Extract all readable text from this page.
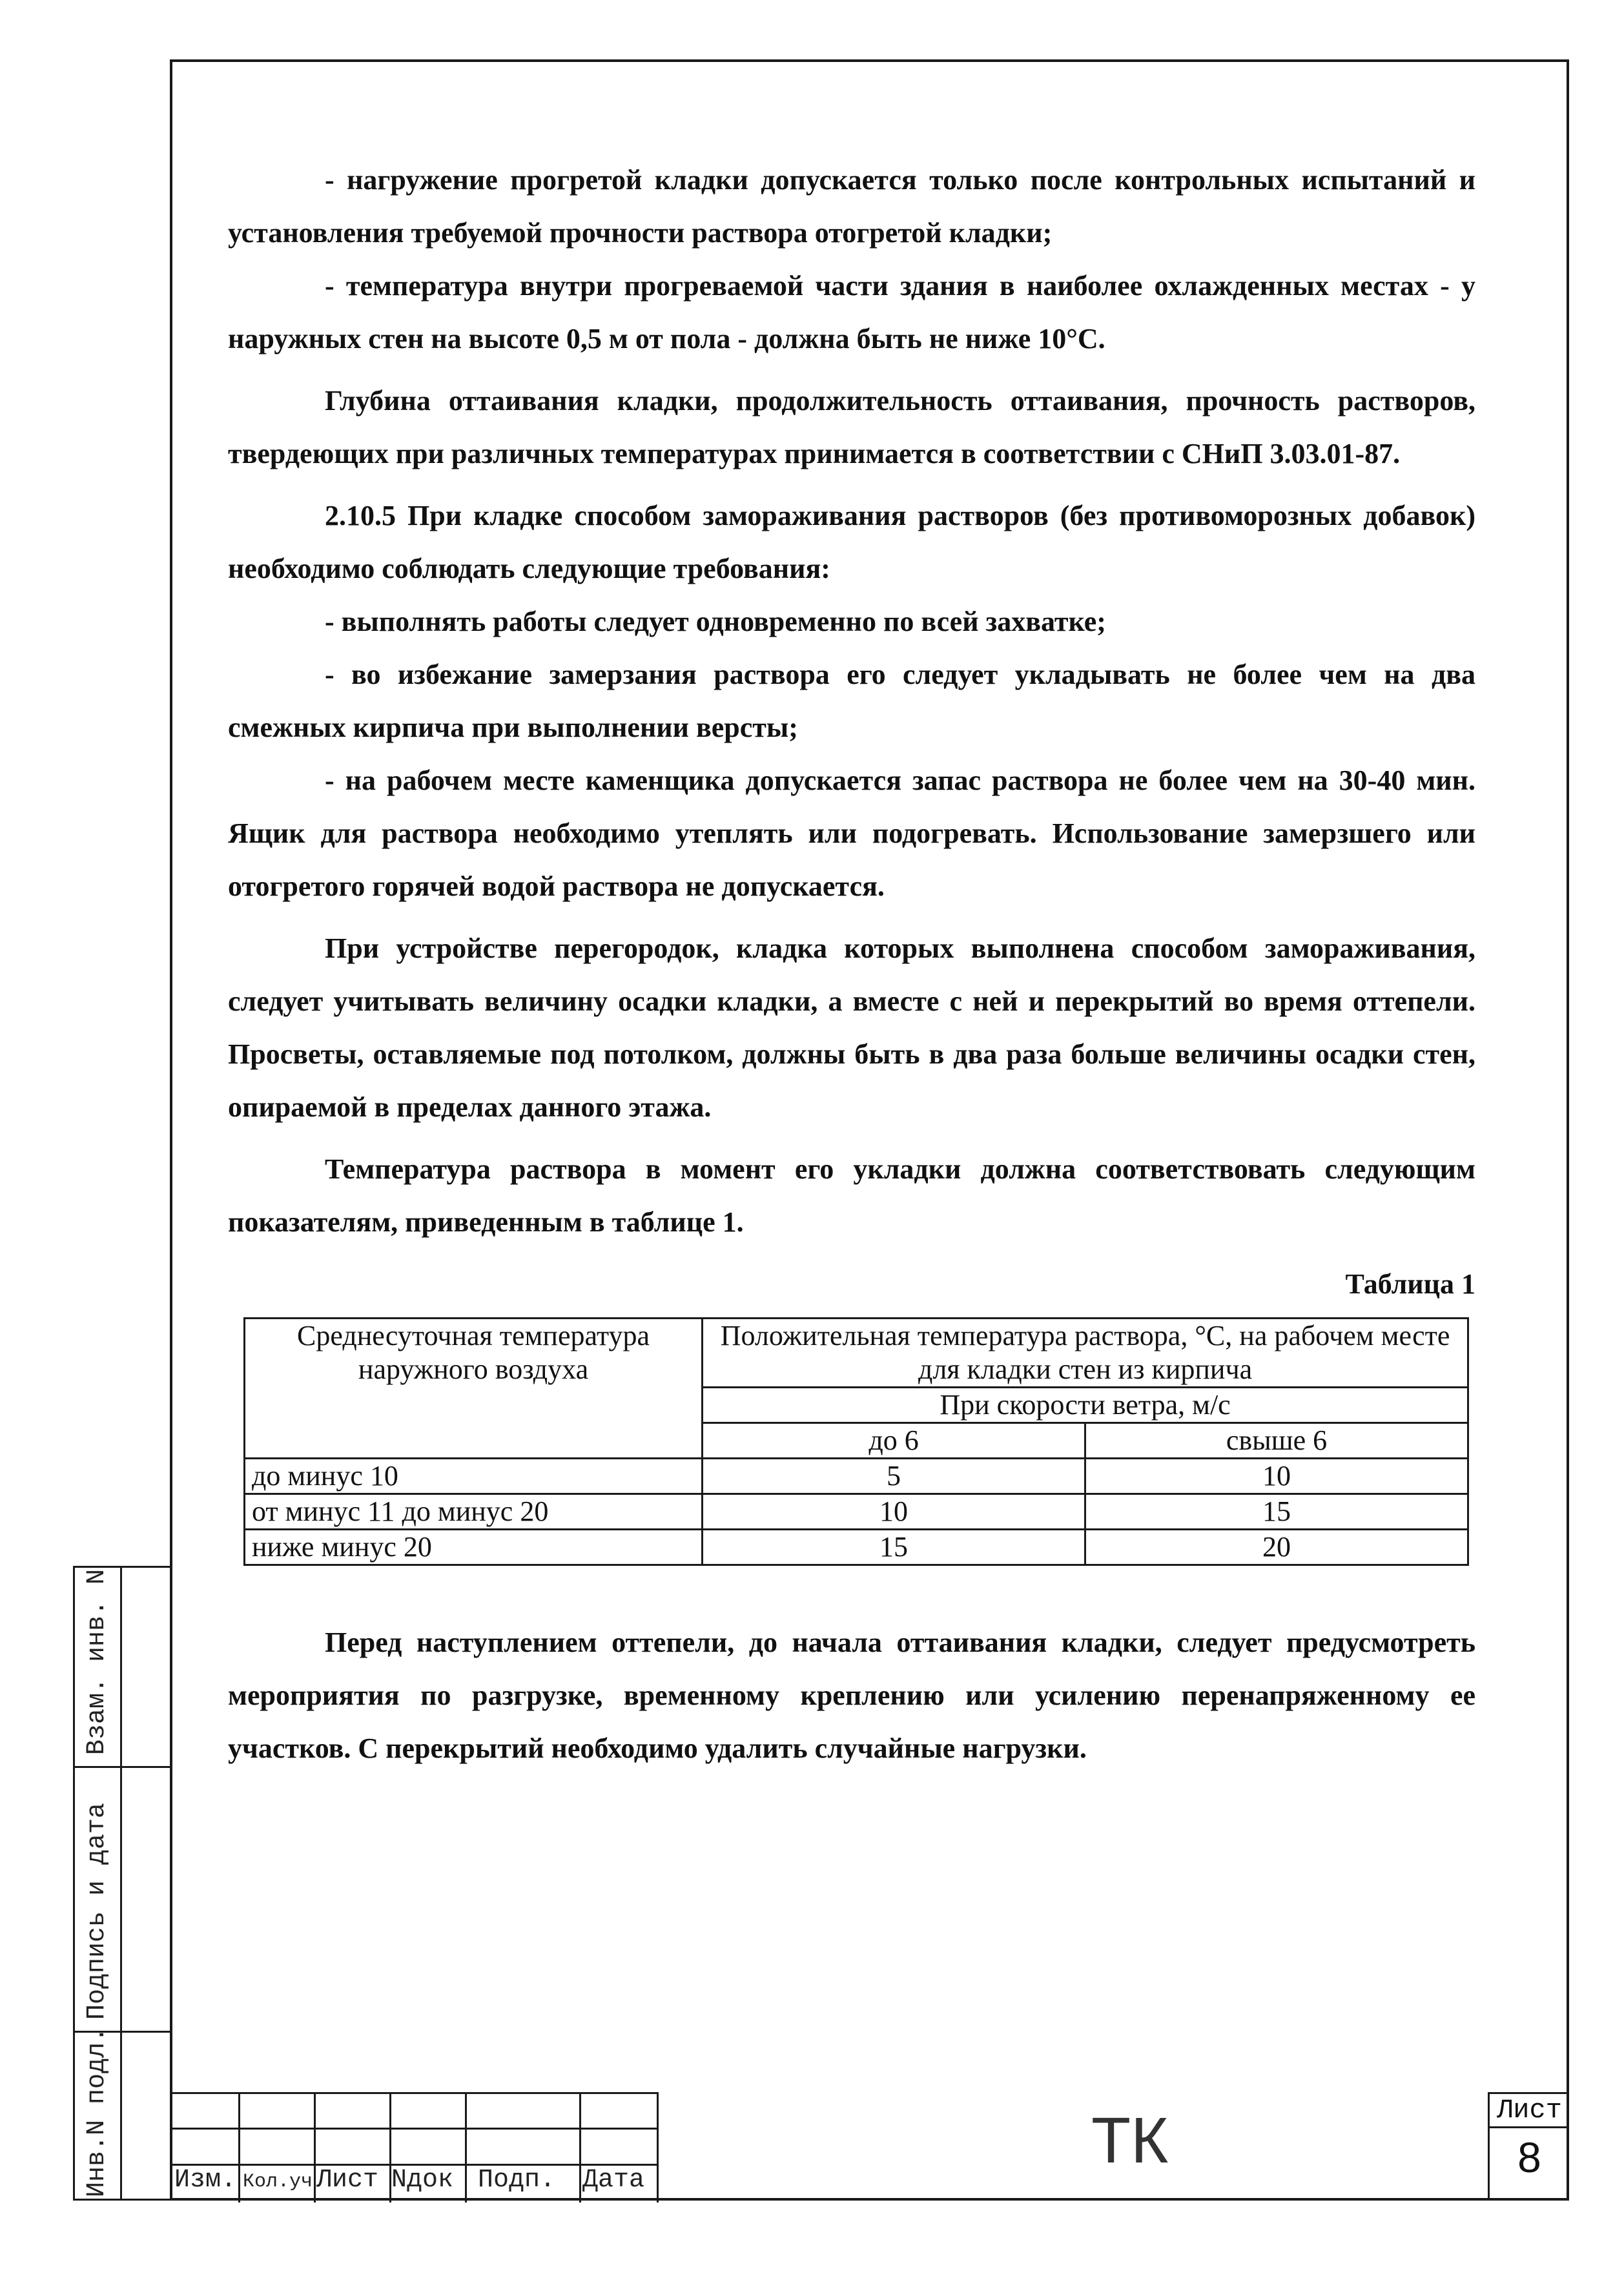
- нагружение прогретой кладки допускается только после контрольных испытаний и установления требуемой прочности раствора отогретой кладки;

- температура внутри прогреваемой части здания в наиболее охлажденных местах - у наружных стен на высоте 0,5 м от пола - должна быть не ниже 10°С.

Глубина оттаивания кладки, продолжительность оттаивания, прочность растворов, твердеющих при различных температурах принимается в соответствии с СНиП 3.03.01-87.

2.10.5 При кладке способом замораживания растворов (без противоморозных добавок) необходимо соблюдать следующие требования:

- выполнять работы следует одновременно по всей захватке;

- во избежание замерзания раствора его следует укладывать не более чем на два смежных кирпича при выполнении версты;

- на рабочем месте каменщика допускается запас раствора не более чем на 30-40 мин. Ящик для раствора необходимо утеплять или подогревать. Использование замерзшего или отогретого горячей водой раствора не допускается.

При устройстве перегородок, кладка которых выполнена способом замораживания, следует учитывать величину осадки кладки, а вместе с ней и перекрытий во время оттепели. Просветы, оставляемые под потолком, должны быть в два раза больше величины осадки стен, опираемой в пределах данного этажа.

Температура раствора в момент его укладки должна соответствовать следующим показателям, приведенным в таблице 1.

Таблица 1
Среднесуточная температура наружного воздуха	Положительная температура раствора, °С, на рабочем месте для кладки стен из кирпича	
	При скорости ветра, м/с	
	до 6	свыше 6
до минус 10	5	10
от минус 11 до минус 20	10	15
ниже минус 20	15	20

Перед наступлением оттепели, до начала оттаивания кладки, следует предусмотреть мероприятия по разгрузке, временному креплению или усилению перенапряженному ее участков. С перекрытий необходимо удалить случайные нагрузки.

Взам. инв. N
Подпись и дата
Инв.N подл. Изм. Кол.уч Лист Nдок Подп. Дата
ТК	Лист
8
